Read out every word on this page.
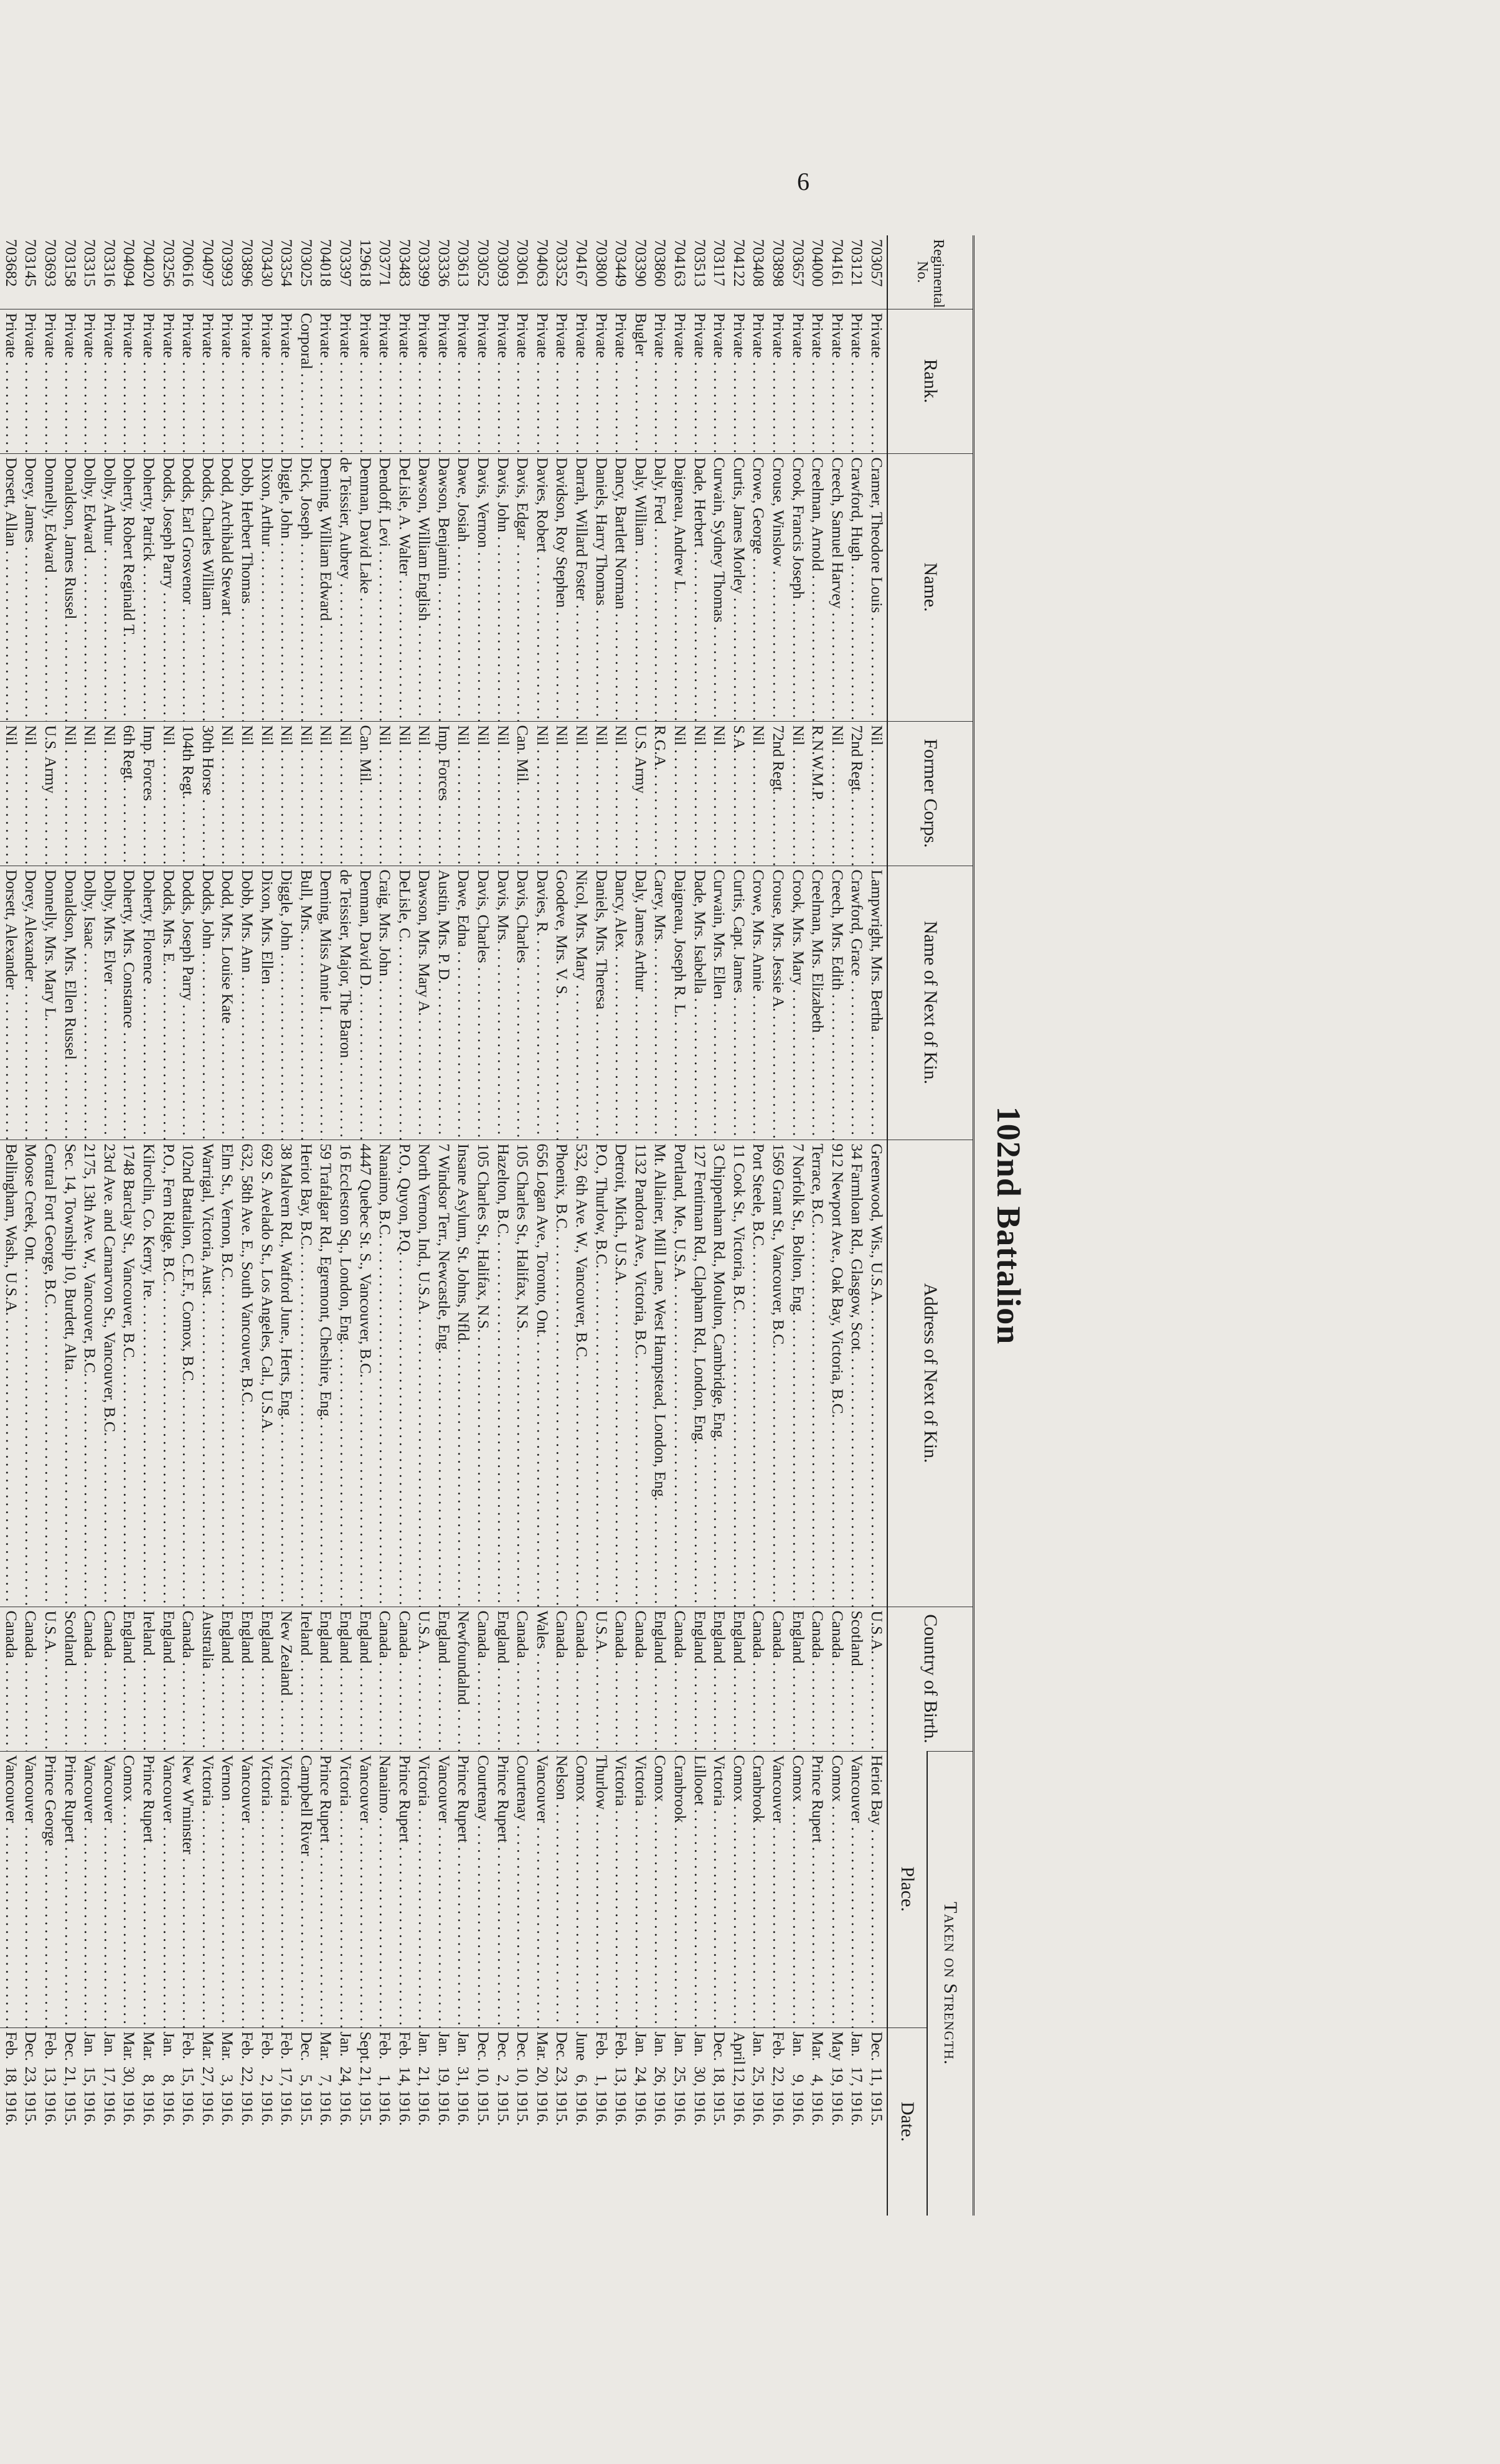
6
102nd Battalion
Regimental No.	Rank.	Name.	Former Corps.	Name of Next of Kin.	Address of Next of Kin.	Country of Birth.	Taken on Strength.	
							Place.	Date.
703057	Private . . .	Cramer, Theodore Louis . . .	Nil . . .	Lampwright, Mrs. Bertha . . .	Greenwood, Wis., U.S.A. . . .	U.S.A. . . .	Heriot Bay . . .	Dec.11,1915.
703121	Private . . .	Crawford, Hugh . . .	72nd Regt. . . .	Crawford, Grace . . .	34 Farmloan Rd., Glasgow, Scot. . . .	Scotland . . .	Vancouver . . .	Jan.17,1916.
704161	Private . . .	Creech, Samuel Harvey . . .	Nil . . .	Creech, Mrs. Edith . . .	912 Newport Ave., Oak Bay, Victoria, B.C. . . .	Canada . . .	Comox . . .	May19,1916.
704000	Private . . .	Creelman, Arnold . . .	R.N.W.M.P. . . .	Creelman, Mrs. Elizabeth . . .	Terrace, B.C. . . .	Canada . . .	Prince Rupert . . .	Mar.4,1916.
703657	Private . . .	Crook, Francis Joseph . . .	Nil . . .	Crook, Mrs. Mary . . .	7 Norfolk St., Bolton, Eng. . . .	England . . .	Comox . . .	Jan.9,1916.
703898	Private . . .	Crouse, Winslow . . .	72nd Regt. . . .	Crouse, Mrs. Jessie A. . . .	1569 Grant St., Vancouver, B.C. . . .	Canada . . .	Vancouver . . .	Feb.22,1916.
703408	Private . . .	Crowe, George . . .	Nil . . .	Crowe, Mrs. Annie . . .	Port Steele, B.C. . . .	Canada . . .	Cranbrook . . .	Jan.25,1916.
704122	Private . . .	Curtis, James Morley . . .	S.A. . . .	Curtis, Capt. James . . .	11 Cook St., Victoria, B.C. . . .	England . . .	Comox . . .	April12,1916.
703117	Private . . .	Curwain, Sydney Thomas . . .	Nil . . .	Curwain, Mrs. Ellen . . .	3 Chippenham Rd., Moulton, Cambridge, Eng. . . .	England . . .	Victoria . . .	Dec.18,1915.
703513	Private . . .	Dade, Herbert . . .	Nil . . .	Dade, Mrs. Isabella . . .	127 Fentiman Rd., Clapham Rd., London, Eng. . . .	England . . .	Lillooet . . .	Jan.30,1916.
704163	Private . . .	Daigneau, Andrew L. . . .	Nil . . .	Daigneau, Joseph R. L. . . .	Portland, Me., U.S.A. . . .	Canada . . .	Cranbrook . . .	Jan.25,1916.
703860	Private . . .	Daly, Fred . . .	R.G.A. . . .	Carey, Mrs. . . .	Mt. Allainer, Mill Lane, West Hampstead, London, Eng. . . .	England . . .	Comox . . .	Jan.26,1916.
703390	Bugler . . .	Daly, William . . .	U.S. Army . . .	Daly, James Arthur . . .	1132 Pandora Ave., Victoria, B.C. . . .	Canada . . .	Victoria . . .	Jan.24,1916.
703449	Private . . .	Dancy, Bartlett Norman . . .	Nil . . .	Dancy, Alex. . . .	Detroit, Mich., U.S.A. . . .	Canada . . .	Victoria . . .	Feb.13,1916.
703800	Private . . .	Daniels, Harry Thomas . . .	Nil . . .	Daniels, Mrs. Theresa . . .	P.O., Thurlow, B.C. . . .	U.S.A. . . .	Thurlow . . .	Feb.1,1916.
704167	Private . . .	Darrah, Willard Foster . . .	Nil . . .	Nicol, Mrs. Mary . . .	532, 6th Ave. W., Vancouver, B.C. . . .	Canada . . .	Comox . . .	June6,1916.
703352	Private . . .	Davidson, Roy Stephen . . .	Nil . . .	Goodeve, Mrs. V. S. . . .	Phoenix, B.C. . . .	Canada . . .	Nelson . . .	Dec.23,1915.
704063	Private . . .	Davies, Robert . . .	Nil . . .	Davies, R. . . .	656 Logan Ave., Toronto, Ont. . . .	Wales . . .	Vancouver . . .	Mar.20,1916.
703061	Private . . .	Davis, Edgar . . .	Can. Mil. . . .	Davis, Charles . . .	105 Charles St., Halifax, N.S. . . .	Canada . . .	Courtenay . . .	Dec.10,1915.
703093	Private . . .	Davis, John . . .	Nil . . .	Davis, Mrs. . . .	Hazelton, B.C. . . .	England . . .	Prince Rupert . . .	Dec.2,1915.
703052	Private . . .	Davis, Vernon . . .	Nil . . .	Davis, Charles . . .	105 Charles St., Halifax, N.S. . . .	Canada . . .	Courtenay . . .	Dec.10,1915.
703613	Private . . .	Dawe, Josiah . . .	Nil . . .	Dawe, Edna . . .	Insane Asylum, St. Johns, Nfld. . . .	Newfoundalnd . . .	Prince Rupert . . .	Jan.31,1916.
703336	Private . . .	Dawson, Benjamin . . .	Imp. Forces . . .	Austin, Mrs. P. D. . . .	7 Windsor Terr., Newcastle, Eng. . . .	England . . .	Vancouver . . .	Jan.19,1916.
703399	Private . . .	Dawson, William English . . .	Nil . . .	Dawson, Mrs. Mary A. . . .	North Vernon, Ind., U.S.A. . . .	U.S.A. . . .	Victoria . . .	Jan.21,1916.
703483	Private . . .	DeLisle, A. Walter . . .	Nil . . .	DeLisle, C. . . .	P.O., Quyon, P.Q. . . .	Canada . . .	Prince Rupert . . .	Feb.14,1916.
703771	Private . . .	Dendoff, Levi . . .	Nil . . .	Craig, Mrs. John . . .	Nanaimo, B.C. . . .	Canada . . .	Nanaimo . . .	Feb.1,1916.
129618	Private . . .	Denman, David Lake . . .	Can. Mil. . . .	Denman, David D. . . .	4447 Quebec St. S., Vancouver, B.C. . . .	England . . .	Vancouver . . .	Sept.21,1915.
703397	Private . . .	de Teissier, Aubrey . . .	Nil . . .	de Teissier, Major, The Baron . . .	16 Eccleston Sq., London, Eng. . . .	England . . .	Victoria . . .	Jan.24,1916.
704018	Private . . .	Deming, William Edward . . .	Nil . . .	Deming, Miss Annie I. . . .	59 Trafalgar Rd., Egremont, Cheshire, Eng. . . .	England . . .	Prince Rupert . . .	Mar.7,1916.
703025	Corporal . . .	Dick, Joseph . . .	Nil . . .	Bull, Mrs. . . .	Heriot Bay, B.C. . . .	Ireland . . .	Campbell River . . .	Dec.5,1915.
703354	Private . . .	Diggle, John . . .	Nil . . .	Diggle, John . . .	38 Malvern Rd., Watford June., Herts, Eng. . . .	New Zealand . . .	Victoria . . .	Feb.17,1916.
703430	Private . . .	Dixon, Arthur . . .	Nil . . .	Dixon, Mrs. Ellen . . .	692 S. Avelado St., Los Angeles, Cal., U.S.A. . . .	England . . .	Victoria . . .	Feb.2,1916.
703896	Private . . .	Dobb, Herbert Thomas . . .	Nil . . .	Dobb, Mrs. Ann . . .	632, 58th Ave. E., South Vancouver, B.C. . . .	England . . .	Vancouver . . .	Feb.22,1916.
703993	Private . . .	Dodd, Archibald Stewart . . .	Nil . . .	Dodd, Mrs. Louise Kate . . .	Elm St., Vernon, B.C. . . .	England . . .	Vernon . . .	Mar.3,1916.
704097	Private . . .	Dodds, Charles William . . .	30th Horse . . .	Dodds, John . . .	Warrigal, Victoria, Aust. . . .	Australia . . .	Victoria . . .	Mar.27,1916.
700616	Private . . .	Dodds, Earl Grosvenor . . .	104th Regt. . . .	Dodds, Joseph Parry . . .	102nd Battalion, C.E.F., Comox, B.C. . . .	Canada . . .	New W'minster . . .	Feb.15,1916.
703256	Private . . .	Dodds, Joseph Parry . . .	Nil . . .	Dodds, Mrs. E. . . .	P.O., Fern Ridge, B.C. . . .	England . . .	Vancouver . . .	Jan.8,1916.
704020	Private . . .	Doherty, Patrick . . .	Imp. Forces . . .	Doherty, Florence . . .	Kilroclin, Co. Kerry, Ire. . . .	Ireland . . .	Prince Rupert . . .	Mar.8,1916.
704094	Private . . .	Doherty, Robert Reginald T. . . .	6th Regt. . . .	Doherty, Mrs. Constance . . .	1748 Barclay St., Vancouver, B.C. . . .	England . . .	Comox . . .	Mar.30,1916.
703316	Private . . .	Dolby, Arthur . . .	Nil . . .	Dolby, Mrs. Elver . . .	23rd Ave. and Carnarvon St., Vancouver, B.C. . . .	Canada . . .	Vancouver . . .	Jan.17,1916.
703315	Private . . .	Dolby, Edward . . .	Nil . . .	Dolby, Isaac . . .	2175, 13th Ave. W., Vancouver, B.C. . . .	Canada . . .	Vancouver . . .	Jan.15,1916.
703158	Private . . .	Donaldson, James Russel . . .	Nil . . .	Donaldson, Mrs. Ellen Russel . . .	Sec. 14, Township 10, Burdett, Alta. . . .	Scotland . . .	Prince Rupert . . .	Dec.21,1915.
703693	Private . . .	Donnelly, Edward . . .	U.S. Army . . .	Donnelly, Mrs. Mary L. . . .	Central Fort George, B.C. . . .	U.S.A. . . .	Prince George . . .	Feb.13,1916.
703145	Private . . .	Dorey, James . . .	Nil . . .	Dorey, Alexander . . .	Moose Creek, Ont. . . .	Canada . . .	Vancouver . . .	Dec.23,1915.
703682	Private . . .	Dorsett, Allan . . .	Nil . . .	Dorsett, Alexander . . .	Bellingham, Wash., U.S.A. . . .	Canada . . .	Vancouver . . .	Feb.18,1916.
	. . .	. . .	. . .	. . .	. . .	. . .	. . .	
